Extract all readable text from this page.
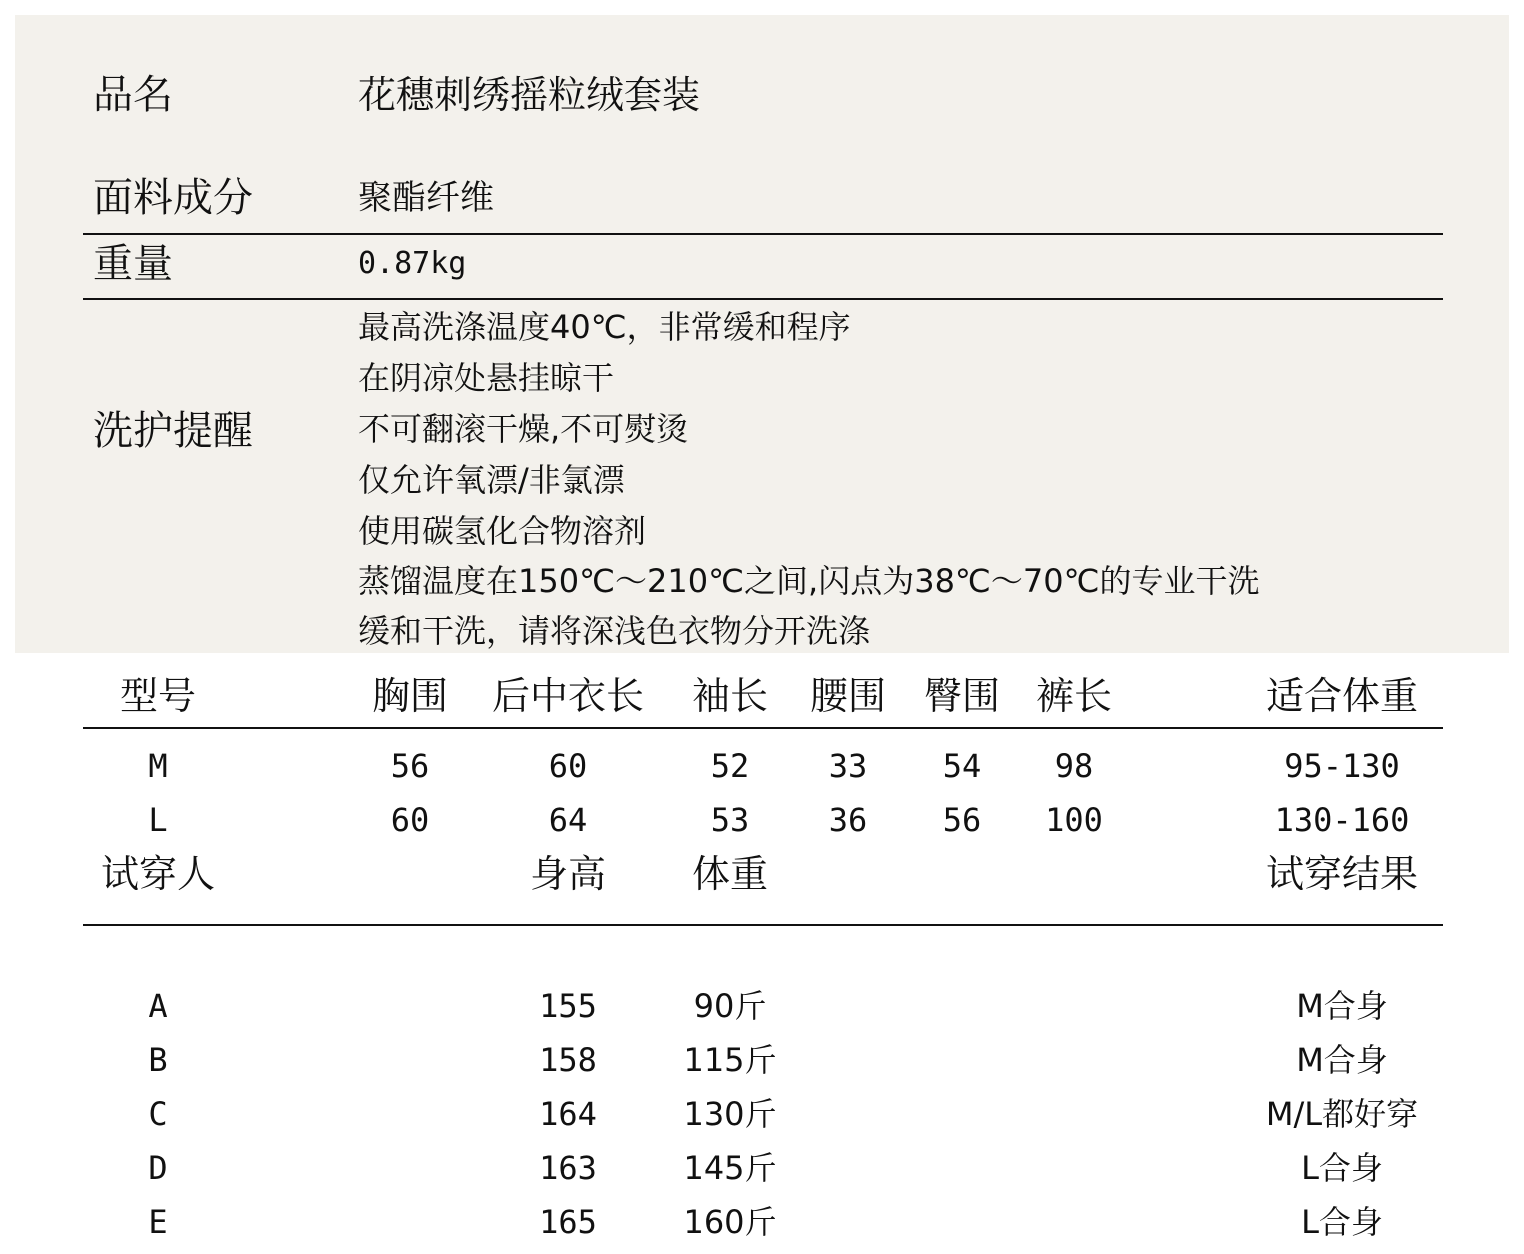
品名	花穗刺绣摇粒绒套装
面料成分	聚酯纤维
重量	0.87kg
洗护提醒
最高洗涤温度40℃，非常缓和程序
在阴凉处悬挂晾干
不可翻滚干燥,不可熨烫
仅允许氧漂/非氯漂
使用碳氢化合物溶剂
蒸馏温度在150℃～210℃之间,闪点为38℃～70℃的专业干洗
缓和干洗，请将深浅色衣物分开洗涤
型号	胸围 后中衣长 袖长 腰围 臀围 裤长	适合体重
M	56	60	52 33 54 98	95-130
L	60	64	53 36 56 100	130-160
试穿人	身高 体重	试穿结果
A	155	90斤	M合身
B	158	115斤	M合身
C	164	130斤	M/L都好穿
D	163	145斤	L合身
E	165	160斤	L合身
